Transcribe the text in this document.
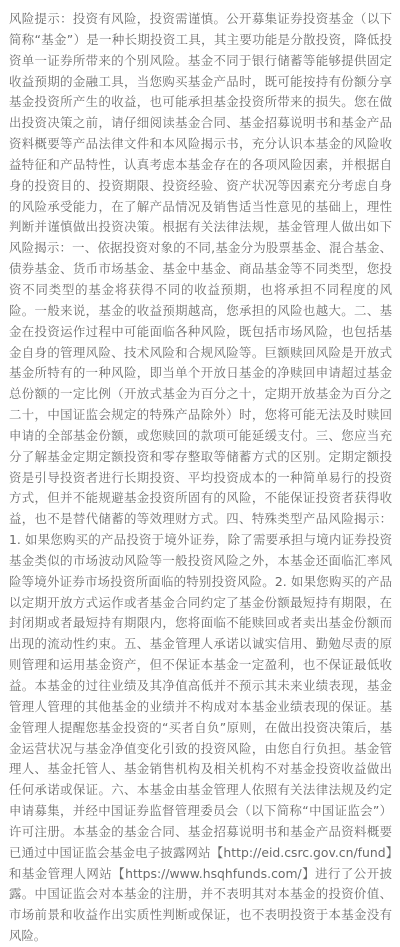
风险提示：投资有风险，投资需谨慎。公开募集证券投资基金（以下简称“基金”）是一种长期投资工具，其主要功能是分散投资，降低投资单一证券所带来的个别风险。基金不同于银行储蓄等能够提供固定收益预期的金融工具，当您购买基金产品时，既可能按持有份额分享基金投资所产生的收益，也可能承担基金投资所带来的损失。您在做出投资决策之前，请仔细阅读基金合同、基金招募说明书和基金产品资料概要等产品法律文件和本风险揭示书，充分认识本基金的风险收益特征和产品特性，认真考虑本基金存在的各项风险因素，并根据自身的投资目的、投资期限、投资经验、资产状况等因素充分考虑自身的风险承受能力，在了解产品情况及销售适当性意见的基础上，理性判断并谨慎做出投资决策。根据有关法律法规，基金管理人做出如下风险揭示：一、依据投资对象的不同,基金分为股票基金、混合基金、债券基金、货币市场基金、基金中基金、商品基金等不同类型，您投资不同类型的基金将获得不同的收益预期，也将承担不同程度的风险。一般来说，基金的收益预期越高，您承担的风险也越大。二、基金在投资运作过程中可能面临各种风险，既包括市场风险，也包括基金自身的管理风险、技术风险和合规风险等。巨额赎回风险是开放式基金所特有的一种风险，即当单个开放日基金的净赎回申请超过基金总份额的一定比例（开放式基金为百分之十，定期开放基金为百分之二十，中国证监会规定的特殊产品除外）时，您将可能无法及时赎回申请的全部基金份额，或您赎回的款项可能延缓支付。三、您应当充分了解基金定期定额投资和零存整取等储蓄方式的区别。定期定额投资是引导投资者进行长期投资、平均投资成本的一种简单易行的投资方式，但并不能规避基金投资所固有的风险，不能保证投资者获得收益，也不是替代储蓄的等效理财方式。四、特殊类型产品风险揭示：1. 如果您购买的产品投资于境外证券，除了需要承担与境内证券投资基金类似的市场波动风险等一般投资风险之外，本基金还面临汇率风险等境外证券市场投资所面临的特别投资风险。2. 如果您购买的产品以定期开放方式运作或者基金合同约定了基金份额最短持有期限，在封闭期或者最短持有期限内，您将面临不能赎回或者卖出基金份额而出现的流动性约束。五、基金管理人承诺以诚实信用、勤勉尽责的原则管理和运用基金资产，但不保证本基金一定盈利，也不保证最低收益。本基金的过往业绩及其净值高低并不预示其未来业绩表现，基金管理人管理的其他基金的业绩并不构成对本基金业绩表现的保证。基金管理人提醒您基金投资的“买者自负”原则，在做出投资决策后，基金运营状况与基金净值变化引致的投资风险，由您自行负担。基金管理人、基金托管人、基金销售机构及相关机构不对基金投资收益做出任何承诺或保证。六、本基金由基金管理人依照有关法律法规及约定申请募集，并经中国证券监督管理委员会（以下简称“中国证监会”）许可注册。本基金的基金合同、基金招募说明书和基金产品资料概要已通过中国证监会基金电子披露网站【http://eid.csrc.gov.cn/fund】和基金管理人网站【https://www.hsqhfunds.com/】进行了公开披露。中国证监会对本基金的注册，并不表明其对本基金的投资价值、市场前景和收益作出实质性判断或保证，也不表明投资于本基金没有风险。
